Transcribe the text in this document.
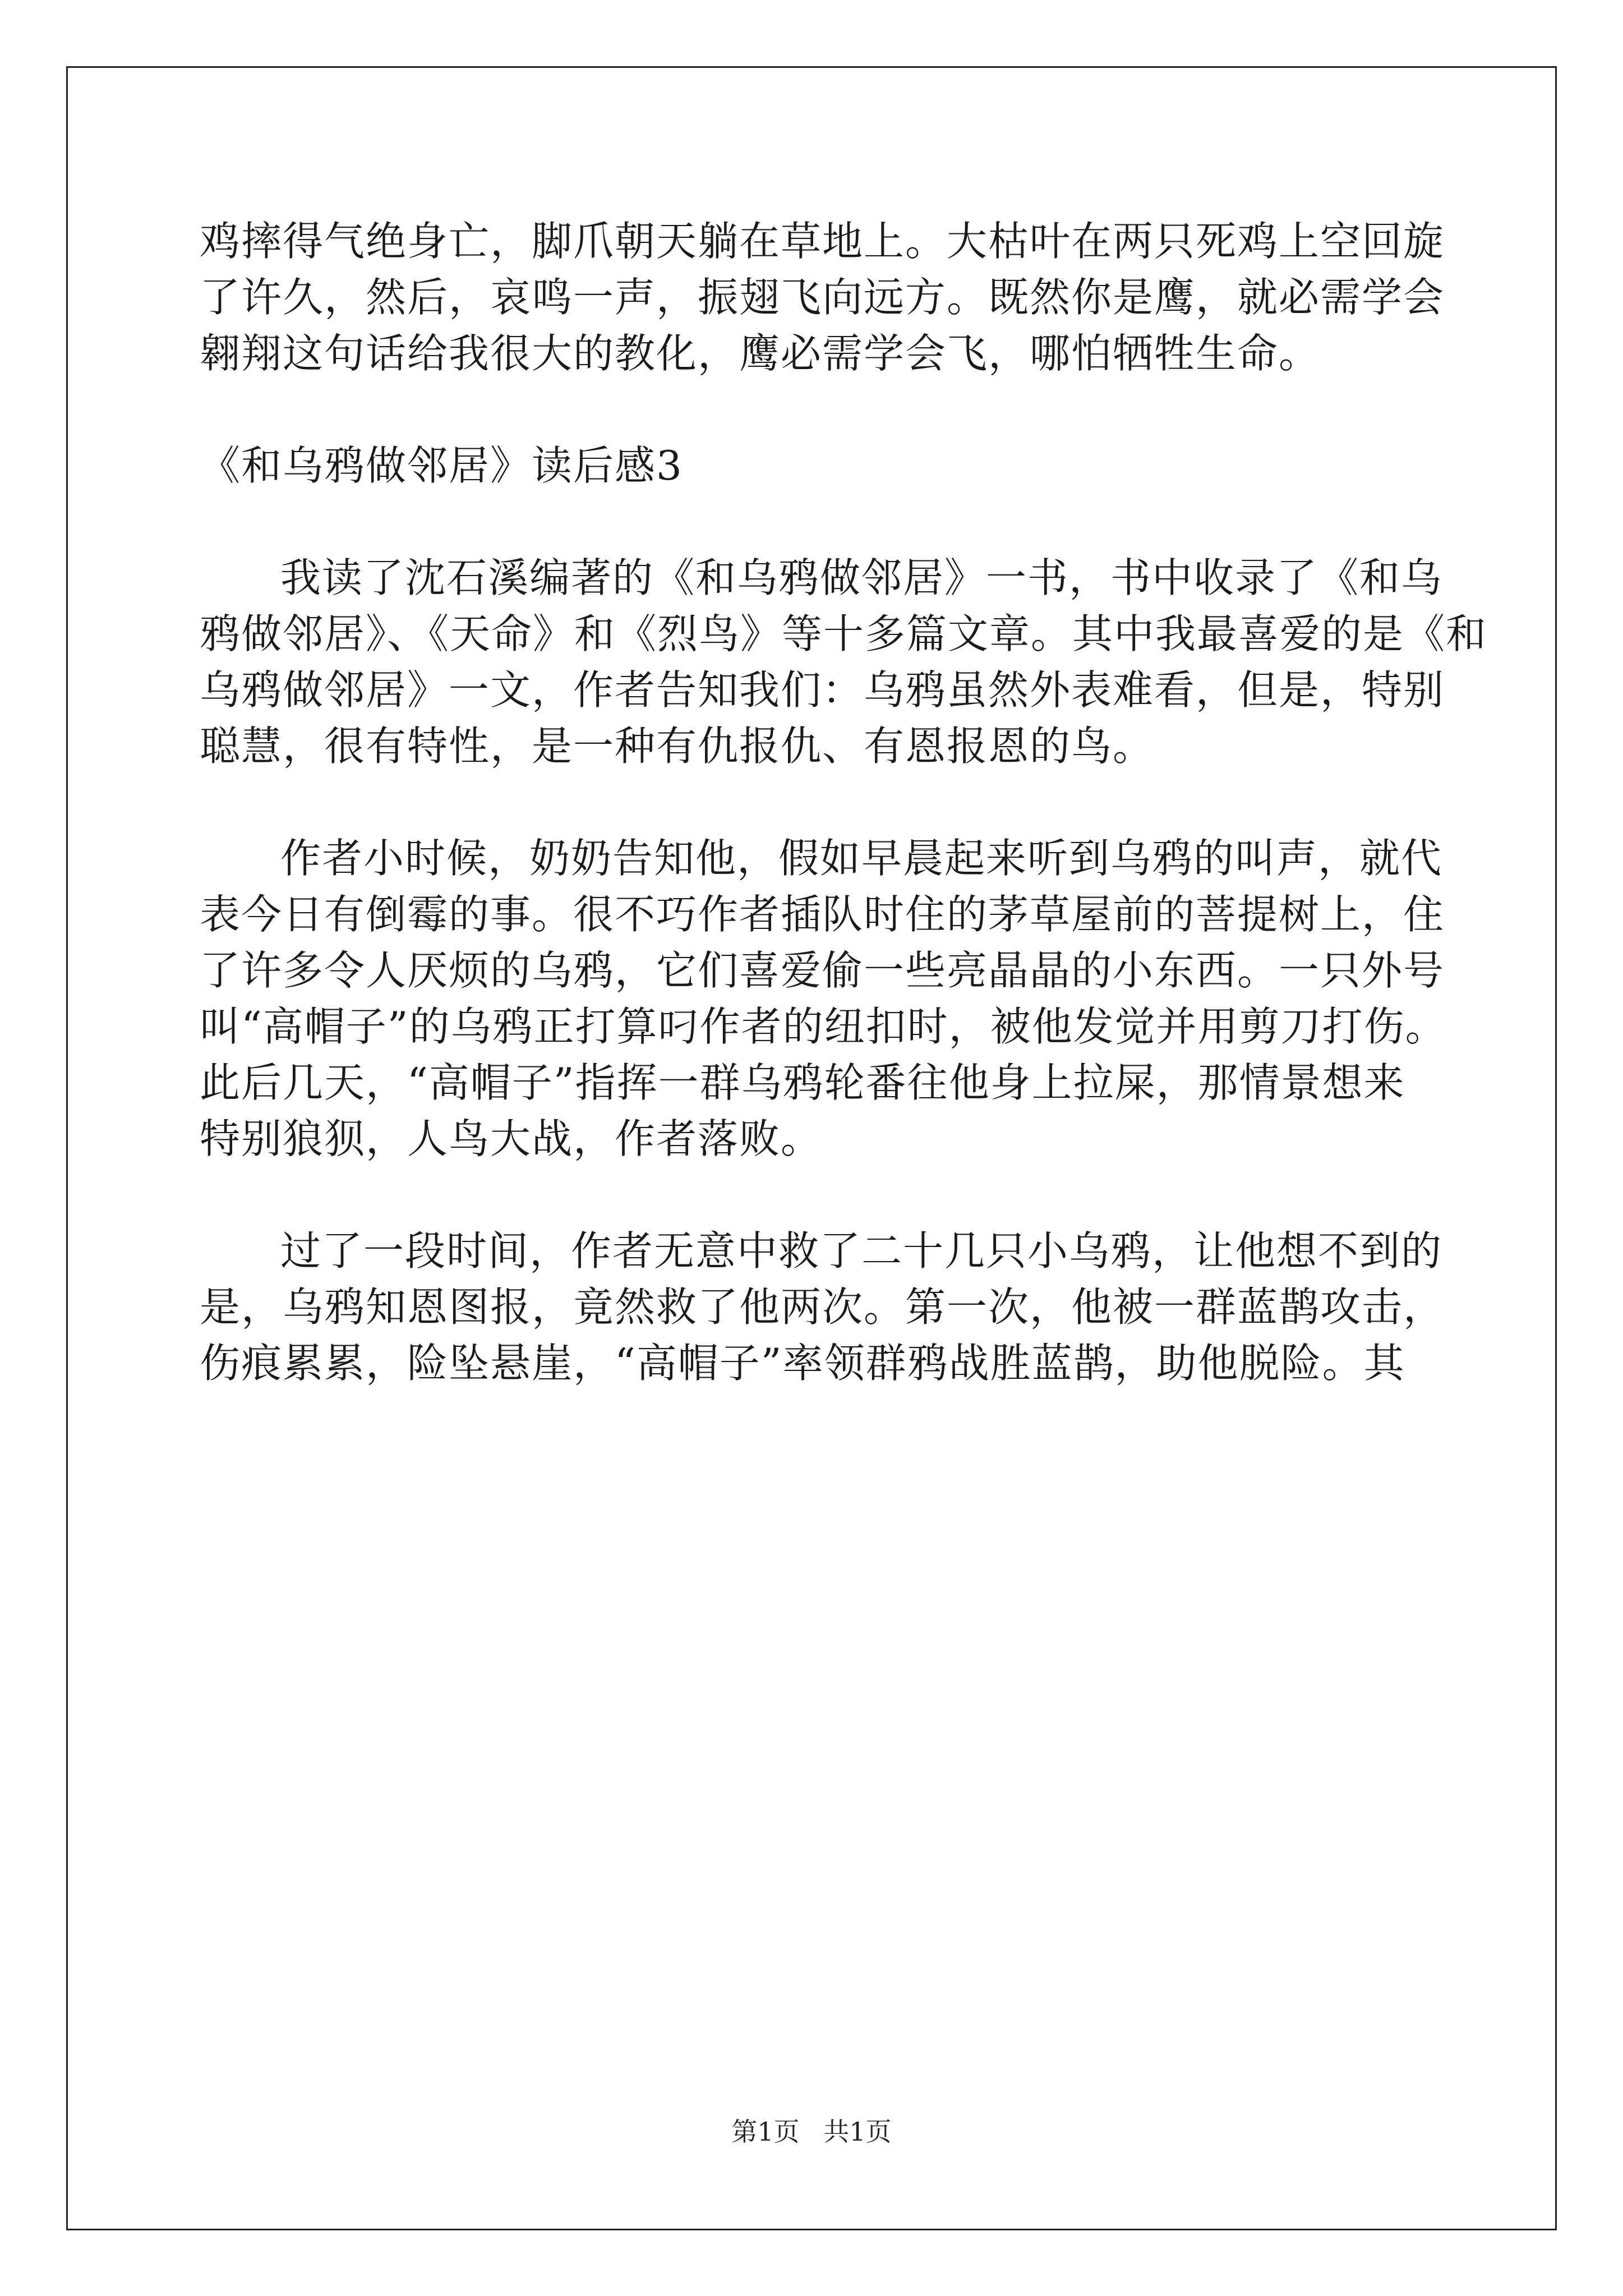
鸡摔得气绝身亡，脚爪朝天躺在草地上。大枯叶在两只死鸡上空回旋
了许久，然后，哀鸣一声，振翅飞向远方。既然你是鹰，就必需学会
翱翔这句话给我很大的教化，鹰必需学会飞，哪怕牺牲生命。
《和乌鸦做邻居》读后感3
我读了沈石溪编著的《和乌鸦做邻居》一书，书中收录了《和乌
鸦做邻居》、《天命》和《烈鸟》等十多篇文章。其中我最喜爱的是《和
乌鸦做邻居》一文，作者告知我们：乌鸦虽然外表难看，但是，特别
聪慧，很有特性，是一种有仇报仇、有恩报恩的鸟。
作者小时候，奶奶告知他，假如早晨起来听到乌鸦的叫声，就代
表今日有倒霉的事。很不巧作者插队时住的茅草屋前的菩提树上，住
了许多令人厌烦的乌鸦，它们喜爱偷一些亮晶晶的小东西。一只外号
叫“高帽子”的乌鸦正打算叼作者的纽扣时，被他发觉并用剪刀打伤。
此后几天，“高帽子”指挥一群乌鸦轮番往他身上拉屎，那情景想来
特别狼狈，人鸟大战，作者落败。
过了一段时间，作者无意中救了二十几只小乌鸦，让他想不到的
是，乌鸦知恩图报，竟然救了他两次。第一次，他被一群蓝鹊攻击，
伤痕累累，险坠悬崖，“高帽子”率领群鸦战胜蓝鹊，助他脱险。其
第1页 共1页
